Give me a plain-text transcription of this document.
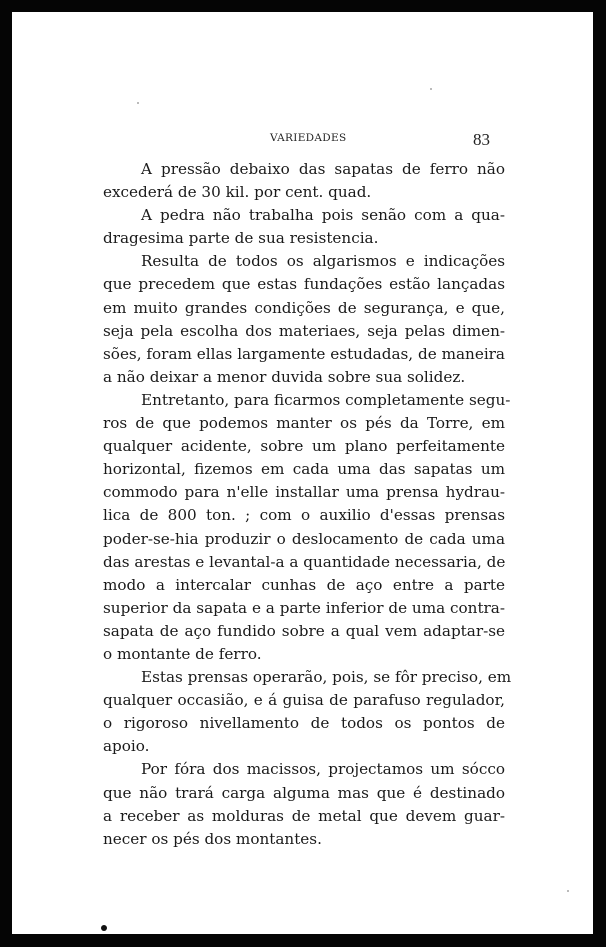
VARIEDADES	83
A pressão debaixo das sapatas de ferro não
excederá de 30 kil. por cent. quad.
A pedra não trabalha pois senão com a qua-
dragesima parte de sua resistencia.
Resulta de todos os algarismos e indicações
que precedem que estas fundações estão lançadas
em muito grandes condições de segurança, e que,
seja pela escolha dos materiaes, seja pelas dimen-
sões, foram ellas largamente estudadas, de maneira
a não deixar a menor duvida sobre sua solidez.
Entretanto, para ficarmos completamente segu-
ros de que podemos manter os pés da Torre, em
qualquer acidente, sobre um plano perfeitamente
horizontal, fizemos em cada uma das sapatas um
commodo para n'elle installar uma prensa hydrau-
lica de 800 ton. ; com o auxilio d'essas prensas
poder-se-hia produzir o deslocamento de cada uma
das arestas e levantal-a a quantidade necessaria, de
modo a intercalar cunhas de aço entre a parte
superior da sapata e a parte inferior de uma contra-
sapata de aço fundido sobre a qual vem adaptar-se
o montante de ferro.
Estas prensas operarão, pois, se fôr preciso, em
qualquer occasião, e á guisa de parafuso regulador,
o rigoroso nivellamento de todos os pontos de
apoio.
Por fóra dos macissos, projectamos um sócco
que não trará carga alguma mas que é destinado
a receber as molduras de metal que devem guar-
necer os pés dos montantes.
